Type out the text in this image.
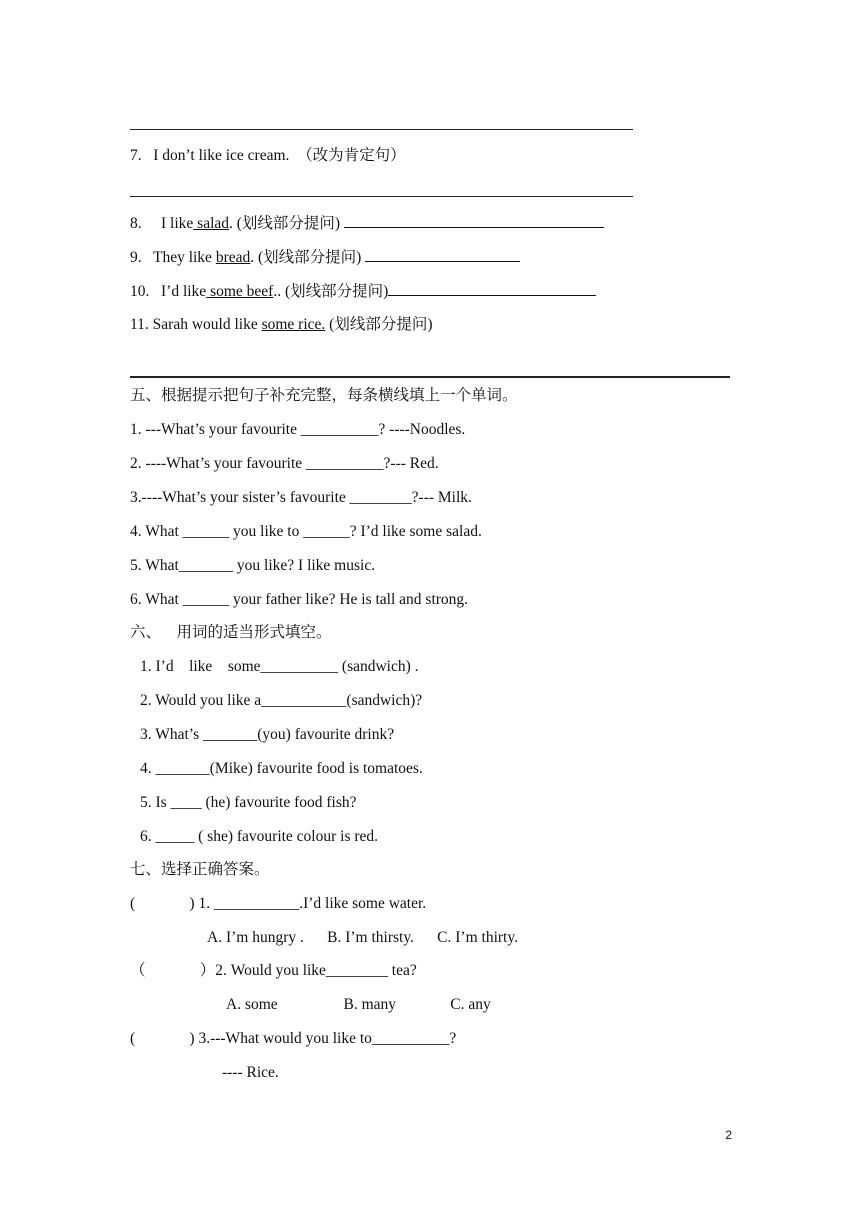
7.   I don’t like ice cream.  （改为肯定句）
8.     I like salad. (划线部分提问)
9.   They like bread. (划线部分提问)
10.   I’d like some beef.. (划线部分提问)
11. Sarah would like some rice. (划线部分提问)
五、根据提示把句子补充完整，每条横线填上一个单词。
1. ---What’s your favourite __________? ----Noodles.
2. ----What’s your favourite __________?--- Red.
3.----What’s your sister’s favourite ________?--- Milk.
4. What ______ you like to ______? I’d like some salad.
5. What_______ you like? I like music.
6. What ______ your father like? He is tall and strong.
六、    用词的适当形式填空。
1. I’d    like    some__________ (sandwich) .
2. Would you like a___________(sandwich)?
3. What’s _______(you) favourite drink?
4. _______(Mike) favourite food is tomatoes.
5. Is ____ (he) favourite food fish?
6. _____ ( she) favourite colour is red.
七、选择正确答案。
(              ) 1. ___________.I’d like some water.
A. I’m hungry .      B. I’m thirsty.      C. I’m thirty.
（              ）2. Would you like________ tea?
A. some                 B. many              C. any
(              ) 3.---What would you like to__________?
---- Rice.
2
